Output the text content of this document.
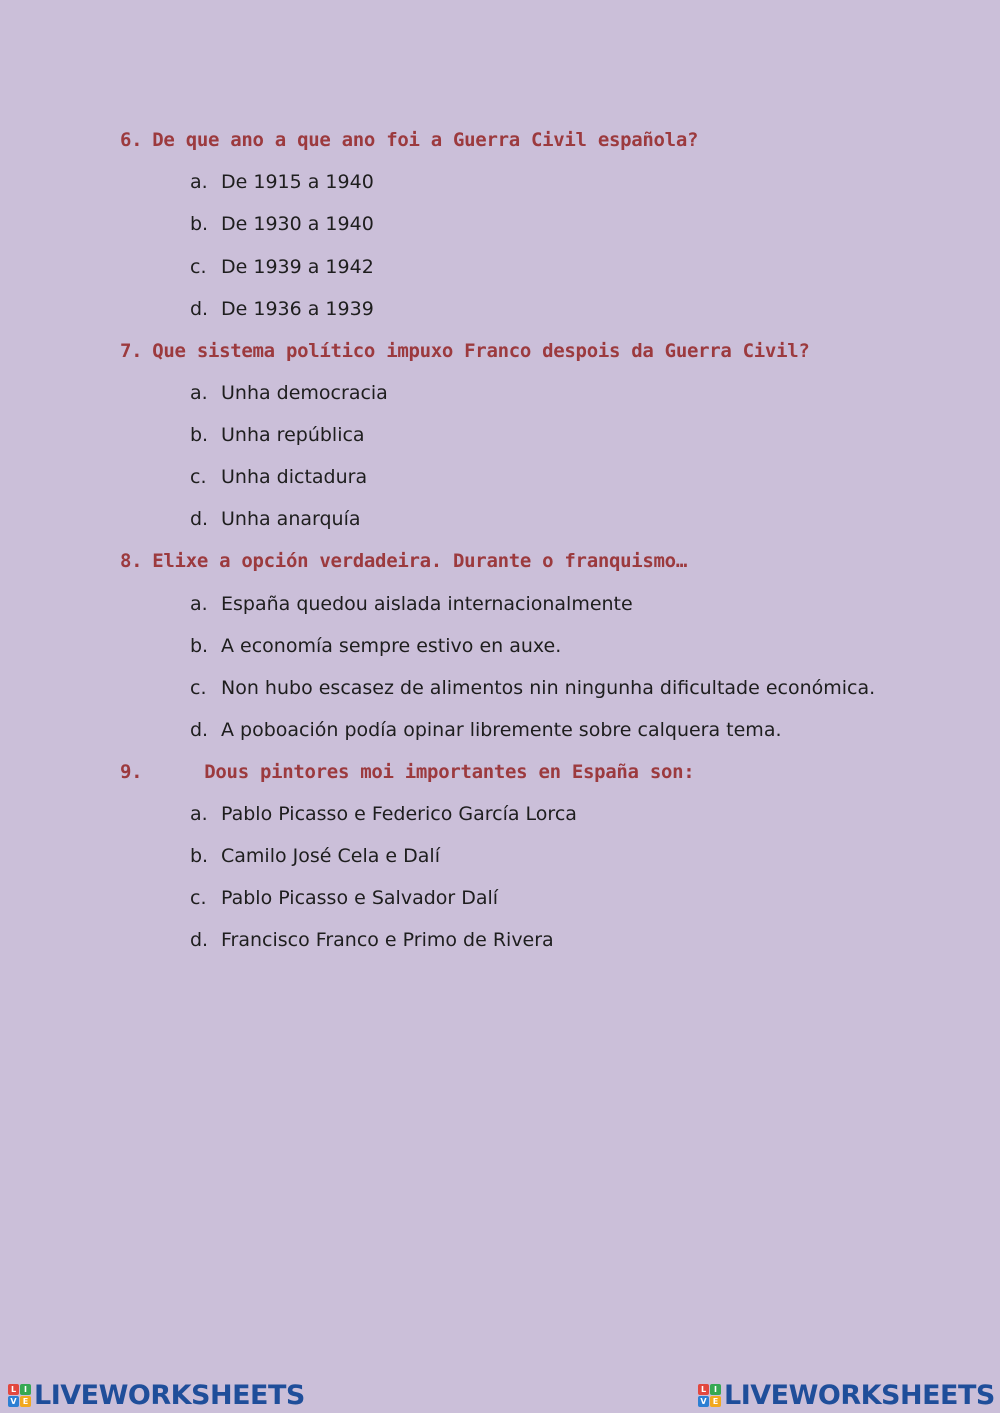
6. De que ano a que ano foi a Guerra Civil española?
a. De 1915 a 1940
b. De 1930 a 1940
c. De 1939 a 1942
d. De 1936 a 1939
7. Que sistema político impuxo Franco despois da Guerra Civil?
a. Unha democracia
b. Unha república
c. Unha dictadura
d. Unha anarquía
8. Elixe a opción verdadeira. Durante o franquismo…
a. España quedou aislada internacionalmente
b. A economía sempre estivo en auxe.
c. Non hubo escasez de alimentos nin ningunha dificultade económica.
d. A poboación podía opinar libremente sobre calquera tema.
9.	Dous pintores moi importantes en España son:
a. Pablo Picasso e Federico García Lorca
b. Camilo José Cela e Dalí
c. Pablo Picasso e Salvador Dalí
d. Francisco Franco e Primo de Rivera
L I
V E LIVEWORKSHEETS	L I
V E LIVEWORKSHEETS
